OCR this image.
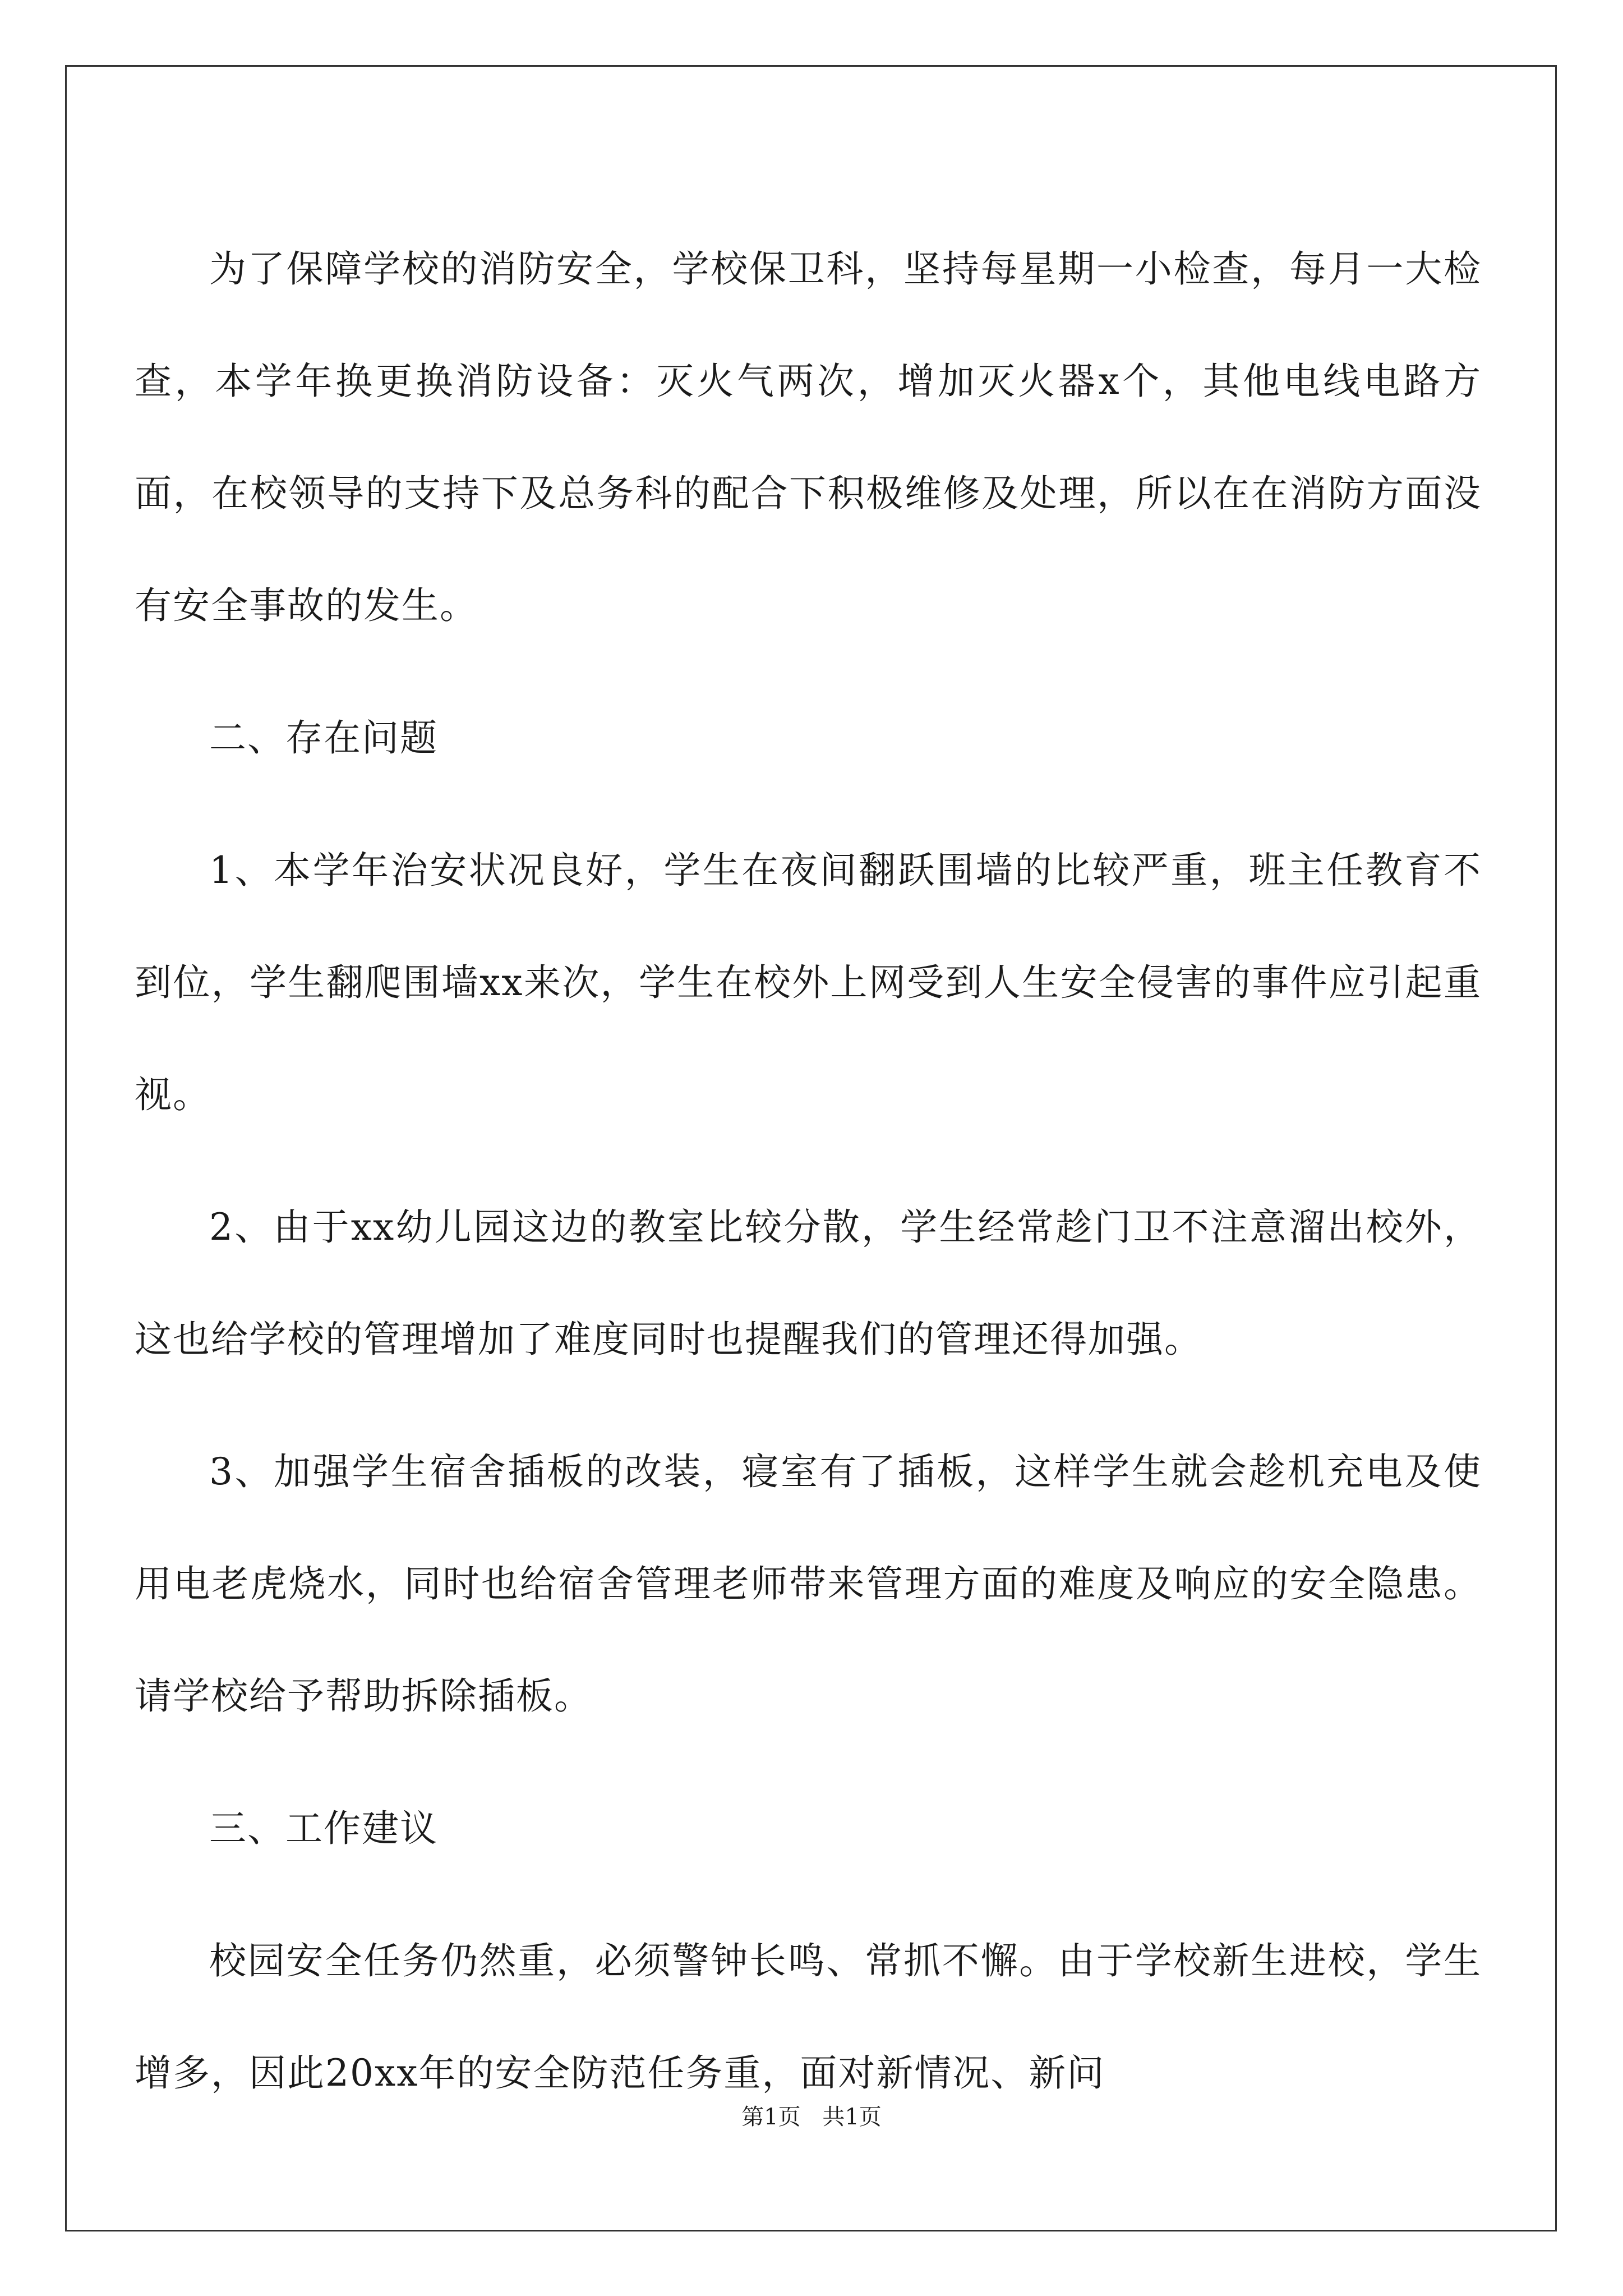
为了保障学校的消防安全，学校保卫科，坚持每星期一小检查，每月一大检查，本学年换更换消防设备：灭火气两次，增加灭火器x个，其他电线电路方面，在校领导的支持下及总务科的配合下积极维修及处理，所以在在消防方面没有安全事故的发生。

二、存在问题

1、本学年治安状况良好，学生在夜间翻跃围墙的比较严重，班主任教育不到位，学生翻爬围墙xx来次，学生在校外上网受到人生安全侵害的事件应引起重视。

2、由于xx幼儿园这边的教室比较分散，学生经常趁门卫不注意溜出校外，这也给学校的管理增加了难度同时也提醒我们的管理还得加强。

3、加强学生宿舍插板的改装，寝室有了插板，这样学生就会趁机充电及使用电老虎烧水，同时也给宿舍管理老师带来管理方面的难度及响应的安全隐患。请学校给予帮助拆除插板。

三、工作建议

校园安全任务仍然重，必须警钟长鸣、常抓不懈。由于学校新生进校，学生增多，因此20xx年的安全防范任务重，面对新情况、新问

第1页 共1页
